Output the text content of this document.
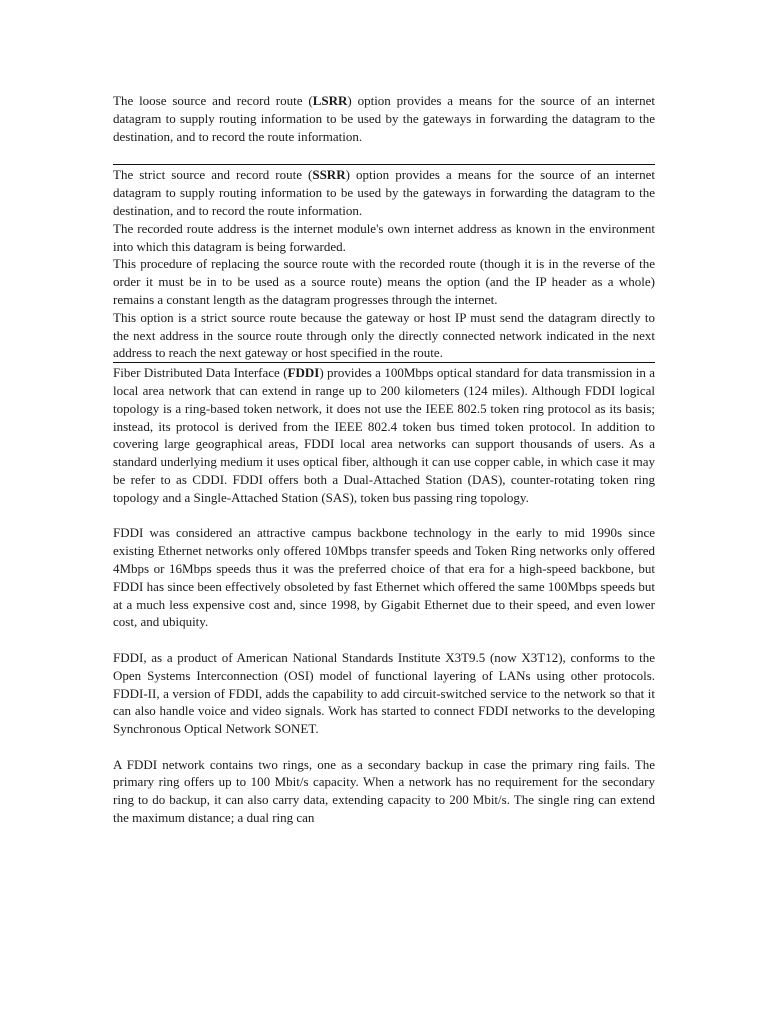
The loose source and record route (LSRR) option provides a means for the source of an internet datagram to supply routing information to be used by the gateways in forwarding the datagram to the destination, and to record the route information.

The strict source and record route (SSRR) option provides a means for the source of an internet datagram to supply routing information to be used by the gateways in forwarding the datagram to the destination, and to record the route information.

The recorded route address is the internet module's own internet address as known in the environment into which this datagram is being forwarded.

This procedure of replacing the source route with the recorded route (though it is in the reverse of the order it must be in to be used as a source route) means the option (and the IP header as a whole) remains a constant length as the datagram progresses through the internet.

This option is a strict source route because the gateway or host IP must send the datagram directly to the next address in the source route through only the directly connected network indicated in the next address to reach the next gateway or host specified in the route.

Fiber Distributed Data Interface (FDDI) provides a 100Mbps optical standard for data transmission in a local area network that can extend in range up to 200 kilometers (124 miles). Although FDDI logical topology is a ring-based token network, it does not use the IEEE 802.5 token ring protocol as its basis; instead, its protocol is derived from the IEEE 802.4 token bus timed token protocol. In addition to covering large geographical areas, FDDI local area networks can support thousands of users. As a standard underlying medium it uses optical fiber, although it can use copper cable, in which case it may be refer to as CDDI. FDDI offers both a Dual-Attached Station (DAS), counter-rotating token ring topology and a Single-Attached Station (SAS), token bus passing ring topology.

FDDI was considered an attractive campus backbone technology in the early to mid 1990s since existing Ethernet networks only offered 10Mbps transfer speeds and Token Ring networks only offered 4Mbps or 16Mbps speeds thus it was the preferred choice of that era for a high-speed backbone, but FDDI has since been effectively obsoleted by fast Ethernet which offered the same 100Mbps speeds but at a much less expensive cost and, since 1998, by Gigabit Ethernet due to their speed, and even lower cost, and ubiquity.

FDDI, as a product of American National Standards Institute X3T9.5 (now X3T12), conforms to the Open Systems Interconnection (OSI) model of functional layering of LANs using other protocols. FDDI-II, a version of FDDI, adds the capability to add circuit-switched service to the network so that it can also handle voice and video signals. Work has started to connect FDDI networks to the developing Synchronous Optical Network SONET.

A FDDI network contains two rings, one as a secondary backup in case the primary ring fails. The primary ring offers up to 100 Mbit/s capacity. When a network has no requirement for the secondary ring to do backup, it can also carry data, extending capacity to 200 Mbit/s. The single ring can extend the maximum distance; a dual ring can
